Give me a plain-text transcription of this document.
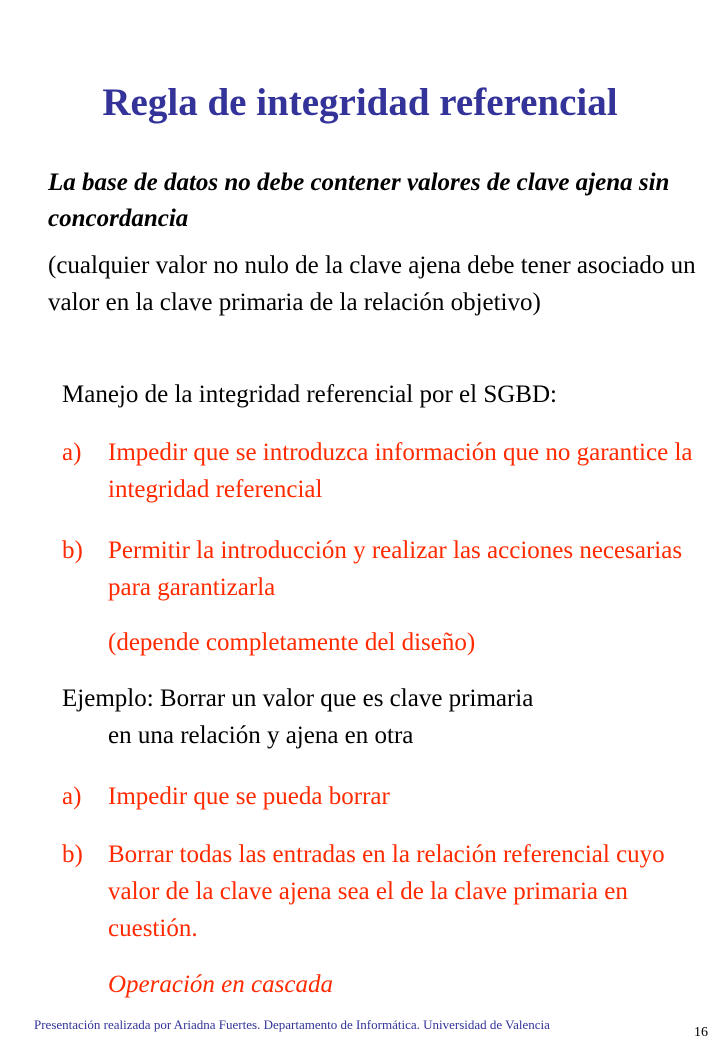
Regla de integridad referencial
La base de datos no debe contener valores de clave ajena sin concordancia
(cualquier valor no nulo de la clave ajena debe tener asociado un valor en la clave primaria de la relación objetivo)
Manejo de la integridad referencial por el SGBD:
a)	Impedir que se introduzca información que no garantice la integridad referencial
b)	Permitir la introducción y realizar las acciones necesarias para garantizarla
(depende completamente del diseño)
Ejemplo: Borrar un valor que es clave primaria
en una relación y ajena en otra
a)	Impedir que se pueda borrar
b)	Borrar todas las entradas en la relación referencial cuyo valor de la clave ajena sea el de la clave primaria en cuestión.
Operación en cascada
Presentación realizada por Ariadna Fuertes. Departamento de Informática. Universidad de Valencia
16
